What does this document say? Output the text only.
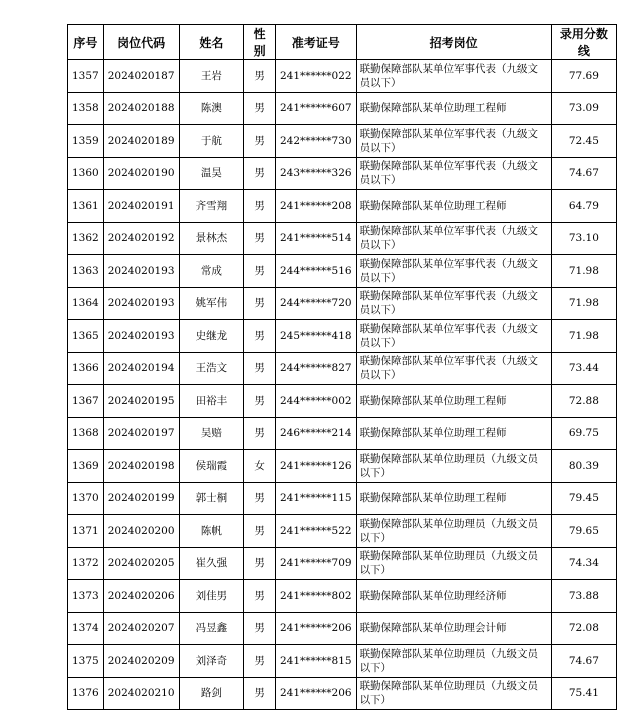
序号	岗位代码	姓名	性别	准考证号	招考岗位	录用分数线
1357	2024020187	王岩	男	241******022	联勤保障部队某单位军事代表（九级文员以下）	77.69
1358	2024020188	陈澳	男	241******607	联勤保障部队某单位助理工程师	73.09
1359	2024020189	于航	男	242******730	联勤保障部队某单位军事代表（九级文员以下）	72.45
1360	2024020190	温昊	男	243******326	联勤保障部队某单位军事代表（九级文员以下）	74.67
1361	2024020191	齐雪翔	男	241******208	联勤保障部队某单位助理工程师	64.79
1362	2024020192	景林杰	男	241******514	联勤保障部队某单位军事代表（九级文员以下）	73.10
1363	2024020193	常成	男	244******516	联勤保障部队某单位军事代表（九级文员以下）	71.98
1364	2024020193	姚军伟	男	244******720	联勤保障部队某单位军事代表（九级文员以下）	71.98
1365	2024020193	史继龙	男	245******418	联勤保障部队某单位军事代表（九级文员以下）	71.98
1366	2024020194	王浩文	男	244******827	联勤保障部队某单位军事代表（九级文员以下）	73.44
1367	2024020195	田裕丰	男	244******002	联勤保障部队某单位助理工程师	72.88
1368	2024020197	吴赔	男	246******214	联勤保障部队某单位助理工程师	69.75
1369	2024020198	侯瑞霞	女	241******126	联勤保障部队某单位助理员（九级文员以下）	80.39
1370	2024020199	郭士桐	男	241******115	联勤保障部队某单位助理工程师	79.45
1371	2024020200	陈帆	男	241******522	联勤保障部队某单位助理员（九级文员以下）	79.65
1372	2024020205	崔久强	男	241******709	联勤保障部队某单位助理员（九级文员以下）	74.34
1373	2024020206	刘佳男	男	241******802	联勤保障部队某单位助理经济师	73.88
1374	2024020207	冯昱鑫	男	241******206	联勤保障部队某单位助理会计师	72.08
1375	2024020209	刘泽奇	男	241******815	联勤保障部队某单位助理员（九级文员以下）	74.67
1376	2024020210	路剑	男	241******206	联勤保障部队某单位助理员（九级文员以下）	75.41
